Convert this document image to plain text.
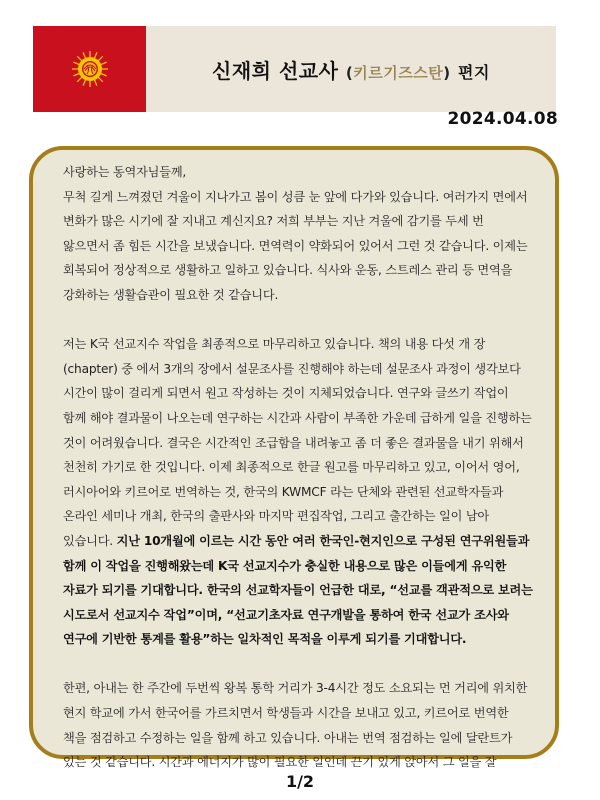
신재희 선교사 (키르기즈스탄) 편지
2024.04.08

사랑하는 동역자님들께,

무척 길게 느껴졌던 겨울이 지나가고 봄이 성큼 눈 앞에 다가와 있습니다. 여러가지 면에서

변화가 많은 시기에 잘 지내고 계신지요? 저희 부부는 지난 겨울에 감기를 두세 번

앓으면서 좀 힘든 시간을 보냈습니다. 면역력이 약화되어 있어서 그런 것 같습니다. 이제는

회복되어 정상적으로 생활하고 일하고 있습니다. 식사와 운동, 스트레스 관리 등 면역을

강화하는 생활습관이 필요한 것 같습니다.

저는 K국 선교지수 작업을 최종적으로 마무리하고 있습니다. 책의 내용 다섯 개 장

(chapter) 중 에서 3개의 장에서 설문조사를 진행해야 하는데 설문조사 과정이 생각보다

시간이 많이 걸리게 되면서 원고 작성하는 것이 지체되었습니다. 연구와 글쓰기 작업이

함께 해야 결과물이 나오는데 연구하는 시간과 사람이 부족한 가운데 급하게 일을 진행하는

것이 어려웠습니다. 결국은 시간적인 조급함을 내려놓고 좀 더 좋은 결과물을 내기 위해서

천천히 가기로 한 것입니다. 이제 최종적으로 한글 원고를 마무리하고 있고, 이어서 영어,

러시아어와 키르어로 번역하는 것, 한국의 KWMCF 라는 단체와 관련된 선교학자들과

온라인 세미나 개최, 한국의 출판사와 마지막 편집작업, 그리고 출간하는 일이 남아

있습니다. 지난 10개월에 이르는 시간 동안 여러 한국인-현지인으로 구성된 연구위원들과

함께 이 작업을 진행해왔는데 K국 선교지수가 충실한 내용으로 많은 이들에게 유익한

자료가 되기를 기대합니다. 한국의 선교학자들이 언급한 대로, “선교를 객관적으로 보려는

시도로서 선교지수 작업”이며, “선교기초자료 연구개발을 통하여 한국 선교가 조사와

연구에 기반한 통계를 활용”하는 일차적인 목적을 이루게 되기를 기대합니다.

한편, 아내는 한 주간에 두번씩 왕복 통학 거리가 3-4시간 정도 소요되는 먼 거리에 위치한

현지 학교에 가서 한국어를 가르치면서 학생들과 시간을 보내고 있고, 키르어로 번역한

책을 점검하고 수정하는 일을 함께 하고 있습니다. 아내는 번역 점검하는 일에 달란트가

있는 것 같습니다. 시간과 에너지가 많이 필요한 일인데 끈기 있게 앉아서 그 일을 잘

1/2
